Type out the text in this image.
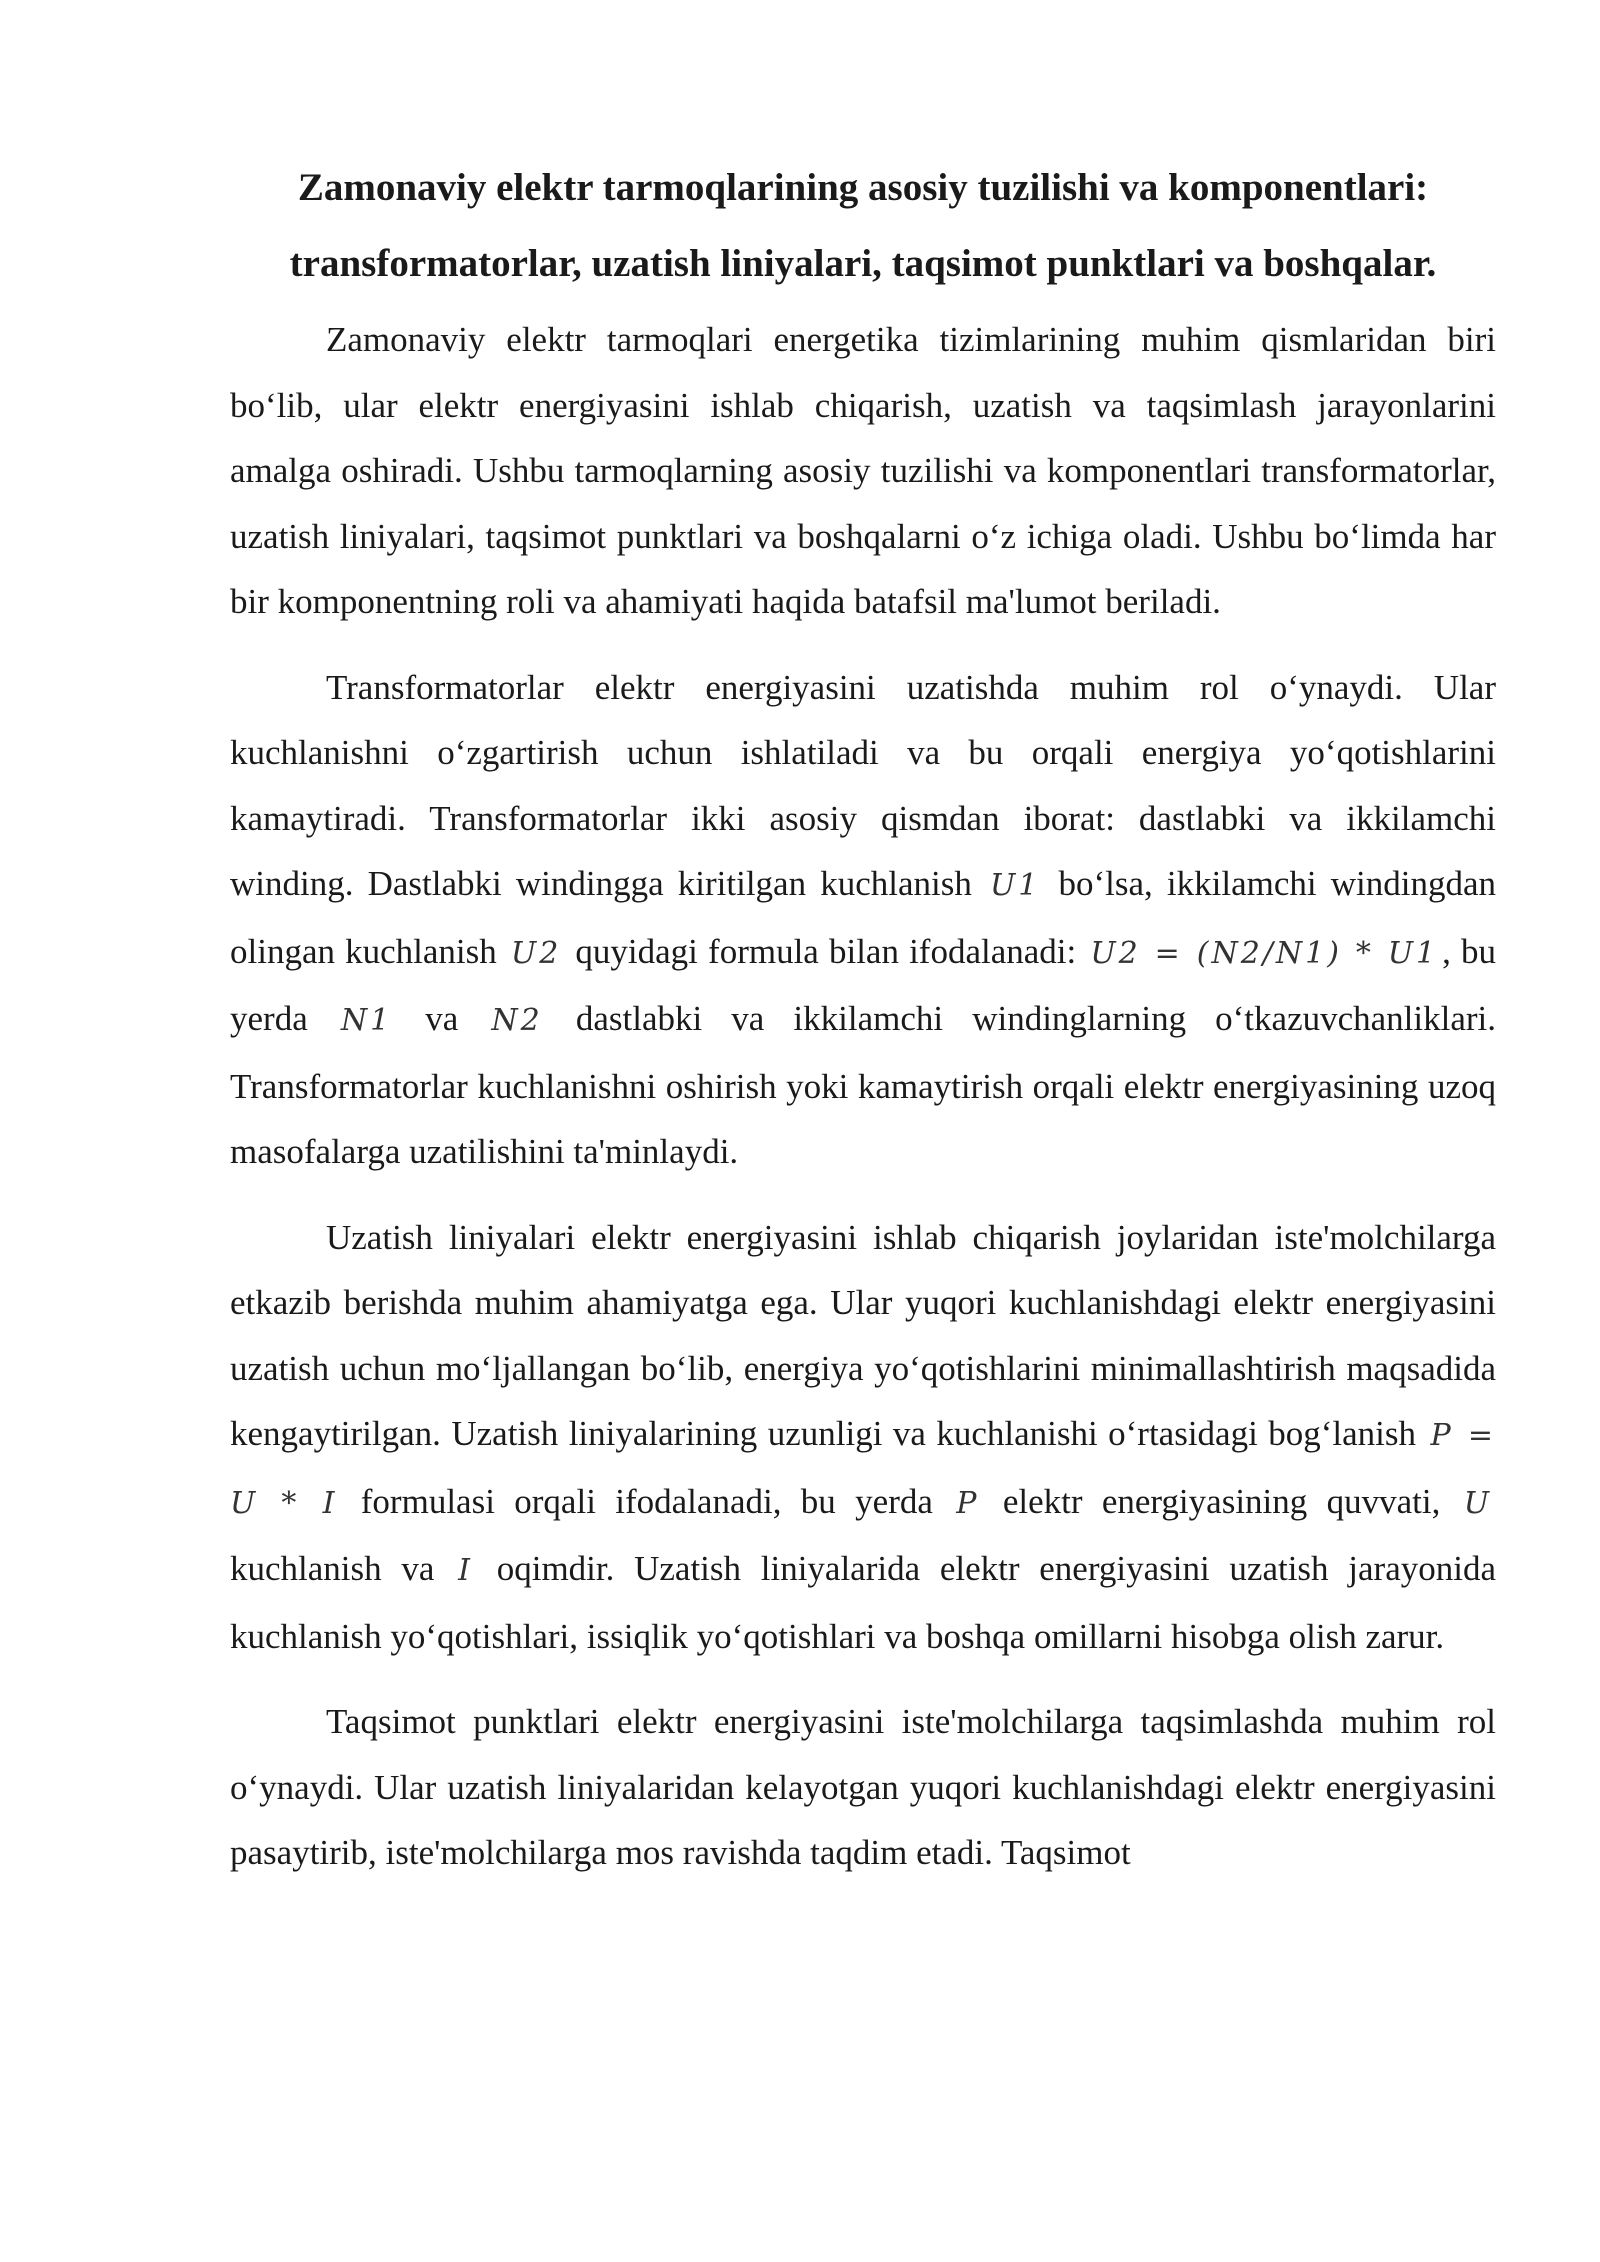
Zamonaviy elektr tarmoqlarining asosiy tuzilishi va komponentlari: transformatorlar, uzatish liniyalari, taqsimot punktlari va boshqalar.

Zamonaviy elektr tarmoqlari energetika tizimlarining muhim qismlaridan biri bo‘lib, ular elektr energiyasini ishlab chiqarish, uzatish va taqsimlash jarayonlarini amalga oshiradi. Ushbu tarmoqlarning asosiy tuzilishi va komponentlari transformatorlar, uzatish liniyalari, taqsimot punktlari va boshqalarni o‘z ichiga oladi. Ushbu bo‘limda har bir komponentning roli va ahamiyati haqida batafsil ma'lumot beriladi.

Transformatorlar elektr energiyasini uzatishda muhim rol o‘ynaydi. Ular kuchlanishni o‘zgartirish uchun ishlatiladi va bu orqali energiya yo‘qotishlarini kamaytiradi. Transformatorlar ikki asosiy qismdan iborat: dastlabki va ikkilamchi winding. Dastlabki windingga kiritilgan kuchlanish U1 bo‘lsa, ikkilamchi windingdan olingan kuchlanish U2 quyidagi formula bilan ifodalanadi: U2 = (N2/N1) * U1 , bu yerda N1 va N2 dastlabki va ikkilamchi windinglarning o‘tkazuvchanliklari. Transformatorlar kuchlanishni oshirish yoki kamaytirish orqali elektr energiyasining uzoq masofalarga uzatilishini ta'minlaydi.

Uzatish liniyalari elektr energiyasini ishlab chiqarish joylaridan iste'molchilarga etkazib berishda muhim ahamiyatga ega. Ular yuqori kuchlanishdagi elektr energiyasini uzatish uchun mo‘ljallangan bo‘lib, energiya yo‘qotishlarini minimallashtirish maqsadida kengaytirilgan. Uzatish liniyalarining uzunligi va kuchlanishi o‘rtasidagi bog‘lanish P = U * I formulasi orqali ifodalanadi, bu yerda P elektr energiyasining quvvati, U kuchlanish va I oqimdir. Uzatish liniyalarida elektr energiyasini uzatish jarayonida kuchlanish yo‘qotishlari, issiqlik yo‘qotishlari va boshqa omillarni hisobga olish zarur.

Taqsimot punktlari elektr energiyasini iste'molchilarga taqsimlashda muhim rol o‘ynaydi. Ular uzatish liniyalaridan kelayotgan yuqori kuchlanishdagi elektr energiyasini pasaytirib, iste'molchilarga mos ravishda taqdim etadi. Taqsimot
